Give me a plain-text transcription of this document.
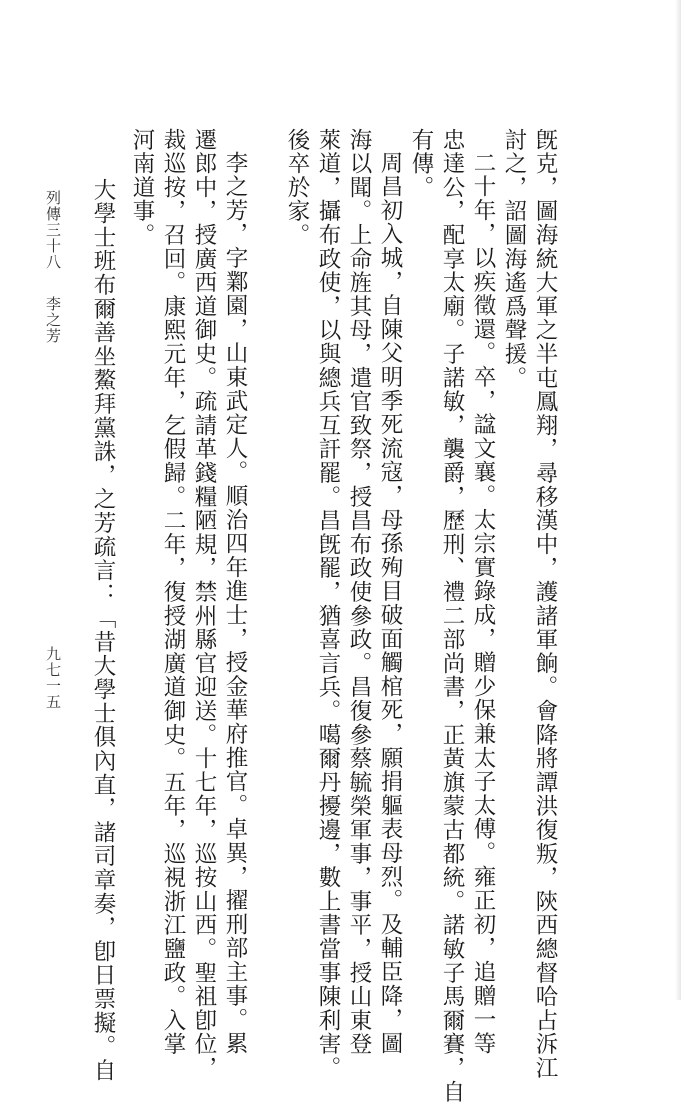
旣克，圖海統大軍之半屯鳳翔，尋移漢中，護諸軍餉。會降將譚洪復叛，陝西總督哈占泝江
討之，詔圖海遙爲聲援。
二十年，以疾徵還。卒，諡文襄。太宗實錄成，贈少保兼太子太傅。雍正初，追贈一等
忠達公，配享太廟。子諾敏，襲爵，歷刑、禮二部尚書，正黃旗蒙古都統。諾敏子馬爾賽，自
有傳。
周昌初入城，自陳父明季死流寇，母孫殉目破面觸棺死，願捐軀表母烈。及輔臣降，圖
海以聞。上命旌其母，遣官致祭，授昌布政使參政。昌復參蔡毓榮軍事，事平，授山東登
萊道，攝布政使，以與總兵互訐罷。昌旣罷，猶喜言兵。噶爾丹擾邊，數上書當事陳利害。
後卒於家。
李之芳，字鄴園，山東武定人。順治四年進士，授金華府推官。卓異，擢刑部主事。累
遷郎中，授廣西道御史。疏請革錢糧陋規，禁州縣官迎送。十七年，巡按山西。聖祖卽位，
裁巡按，召回。康熙元年，乞假歸。二年，復授湖廣道御史。五年，巡視浙江鹽政。入掌
河南道事。
大學士班布爾善坐鰲拜黨誅，之芳疏言：「昔大學士俱內直，諸司章奏，卽日票擬。自
列傳三十八李之芳
九七一五
